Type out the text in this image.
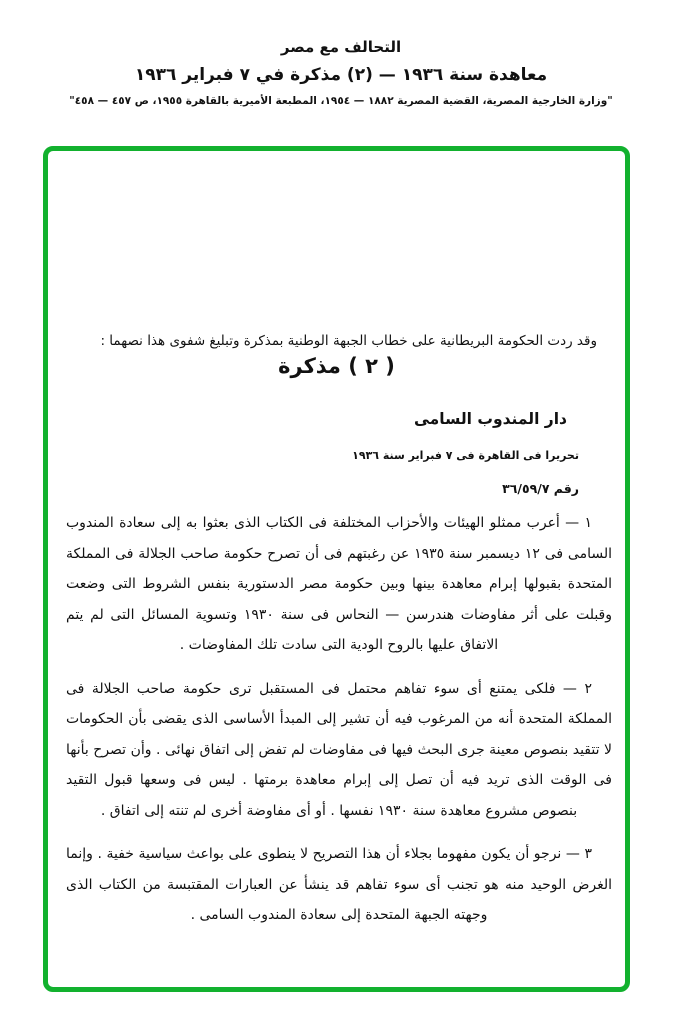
التحالف مع مصر
معاهدة سنة ١٩٣٦ — (٢) مذكرة في ٧ فبراير ١٩٣٦
"وزارة الخارجية المصرية، القضية المصرية ١٨٨٢ — ١٩٥٤، المطبعة الأميرية بالقاهرة ١٩٥٥، ص ٤٥٧ — ٤٥٨"

وقد ردت الحكومة البريطانية على خطاب الجبهة الوطنية بمذكرة وتبليغ شفوى هذا نصهما :

( ٢ ) مذكرة
دار المندوب السامى
تحريرا فى القاهرة فى ٧ فبراير سنة ١٩٣٦
رقم ٣٦/٥٩/٧

١ — أعرب ممثلو الهيئات والأحزاب المختلفة فى الكتاب الذى بعثوا به إلى سعادة المندوب السامى فى ١٢ ديسمبر سنة ١٩٣٥ عن رغبتهم فى أن تصرح حكومة صاحب الجلالة فى المملكة المتحدة بقبولها إبرام معاهدة بينها وبين حكومة مصر الدستورية بنفس الشروط التى وضعت وقبلت على أثر مفاوضات هندرسن — النحاس فى سنة ١٩٣٠ وتسوية المسائل التى لم يتم الاتفاق عليها بالروح الودية التى سادت تلك المفاوضات .

٢ — فلكى يمتنع أى سوء تفاهم محتمل فى المستقبل ترى حكومة صاحب الجلالة فى المملكة المتحدة أنه من المرغوب فيه أن تشير إلى المبدأ الأساسى الذى يقضى بأن الحكومات لا تتقيد بنصوص معينة جرى البحث فيها فى مفاوضات لم تفض إلى اتفاق نهائى . وأن تصرح بأنها فى الوقت الذى تريد فيه أن تصل إلى إبرام معاهدة برمتها . ليس فى وسعها قبول التقيد بنصوص مشروع معاهدة سنة ١٩٣٠ نفسها . أو أى مفاوضة أخرى لم تنته إلى اتفاق .

٣ — نرجو أن يكون مفهوما بجلاء أن هذا التصريح لا ينطوى على بواعث سياسية خفية . وإنما الغرض الوحيد منه هو تجنب أى سوء تفاهم قد ينشأ عن العبارات المقتبسة من الكتاب الذى وجهته الجبهة المتحدة إلى سعادة المندوب السامى .
